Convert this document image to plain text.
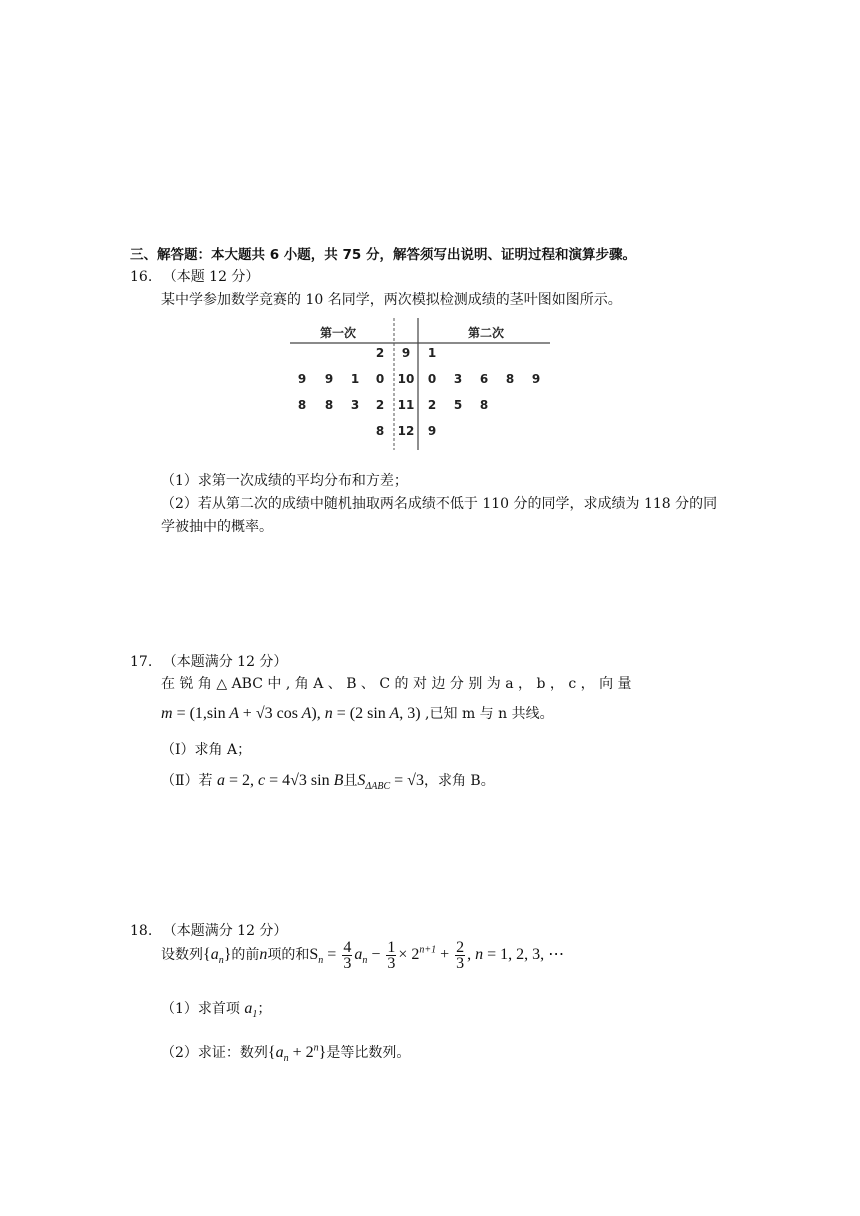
三、解答题：本大题共 6 小题，共 75 分，解答须写出说明、证明过程和演算步骤。
16. （本题 12 分）
某中学参加数学竞赛的 10 名同学，两次模拟检测成绩的茎叶图如图所示。
第一次	第二次
2	9	1
9	9	1	0	10	0	3	6	8	9
8	8	3	2	11	2	5	8
8	12	9
（1）求第一次成绩的平均分布和方差；
（2）若从第二次的成绩中随机抽取两名成绩不低于 110 分的同学，求成绩为 118 分的同
学被抽中的概率。
17. （本题满分 12 分）
在 锐 角 △ ABC 中 , 角 A 、 B 、 C 的 对 边 分 别 为 a ， b ， c ， 向 量
m = (1,sin A + √3 cos A), n = (2 sin A, 3) ,已知 m 与 n 共线。
（Ⅰ）求角 A；
（Ⅱ）若 a = 2, c = 4√3 sin B且$S_{\Delta ABC} = √3$，求角 B。
18. （本题满分 12 分）
设数列$\{a_n\}$的前n项的和$S_n = \frac{4}{3} a_n - \frac{1}{3} \times 2^{n+1} + \frac{2}{3}$ , n = 1, 2, 3, ⋯
（1）求首项 $a_1$；
（2）求证：数列$\{a_n + 2^n\}$是等比数列。
